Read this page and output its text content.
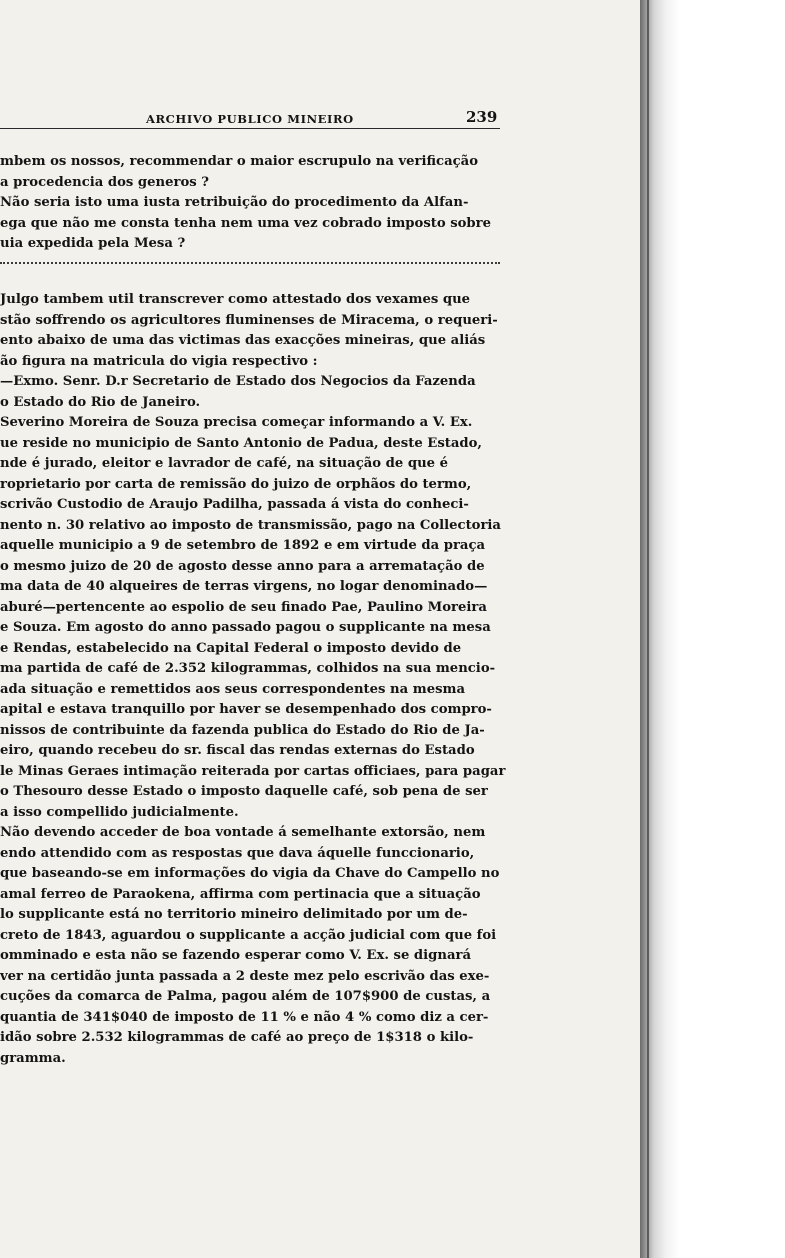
ARCHIVO PUBLICO MINEIRO	239
mbem os nossos, recommendar o maior escrupulo na verificação
a procedencia dos generos ?
Não seria isto uma iusta retribuição do procedimento da Alfan-
ega que não me consta tenha nem uma vez cobrado imposto sobre
uia expedida pela Mesa ?
Julgo tambem util transcrever como attestado dos vexames que
stão soffrendo os agricultores fluminenses de Miracema, o requeri-
ento abaixo de uma das victimas das exacções mineiras, que aliás
ão figura na matricula do vigia respectivo :
—Exmo. Senr. D.r Secretario de Estado dos Negocios da Fazenda
o Estado do Rio de Janeiro.
Severino Moreira de Souza precisa começar informando a V. Ex.
ue reside no municipio de Santo Antonio de Padua, deste Estado,
nde é jurado, eleitor e lavrador de café, na situação de que é
roprietario por carta de remissão do juizo de orphãos do termo,
scrivão Custodio de Araujo Padilha, passada á vista do conheci-
nento n. 30 relativo ao imposto de transmissão, pago na Collectoria
aquelle municipio a 9 de setembro de 1892 e em virtude da praça
o mesmo juizo de 20 de agosto desse anno para a arrematação de
ma data de 40 alqueires de terras virgens, no logar denominado—
aburé—pertencente ao espolio de seu finado Pae, Paulino Moreira
e Souza. Em agosto do anno passado pagou o supplicante na mesa
e Rendas, estabelecido na Capital Federal o imposto devido de
ma partida de café de 2.352 kilogrammas, colhidos na sua mencio-
ada situação e remettidos aos seus correspondentes na mesma
apital e estava tranquillo por haver se desempenhado dos compro-
nissos de contribuinte da fazenda publica do Estado do Rio de Ja-
eiro, quando recebeu do sr. fiscal das rendas externas do Estado
le Minas Geraes intimação reiterada por cartas officiaes, para pagar
o Thesouro desse Estado o imposto daquelle café, sob pena de ser
a isso compellido judicialmente.
Não devendo acceder de boa vontade á semelhante extorsão, nem
endo attendido com as respostas que dava áquelle funccionario,
que baseando-se em informações do vigia da Chave do Campello no
amal ferreo de Paraokena, affirma com pertinacia que a situação
lo supplicante está no territorio mineiro delimitado por um de-
creto de 1843, aguardou o supplicante a acção judicial com que foi
omminado e esta não se fazendo esperar como V. Ex. se dignará
ver na certidão junta passada a 2 deste mez pelo escrivão das exe-
cuções da comarca de Palma, pagou além de 107$900 de custas, a
quantia de 341$040 de imposto de 11 % e não 4 % como diz a cer-
idão sobre 2.532 kilogrammas de café ao preço de 1$318 o kilo-
gramma.
